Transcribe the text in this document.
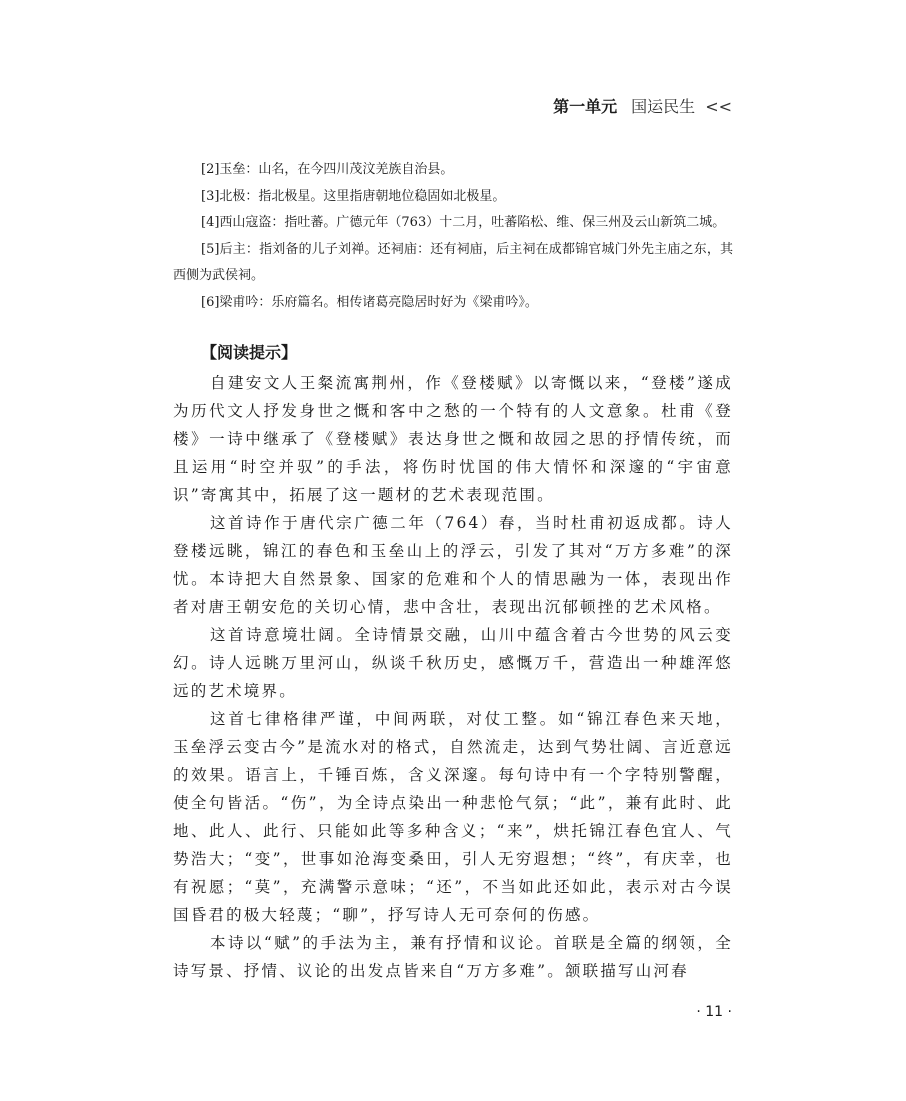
第一单元 国运民生 <<

[2]玉垒：山名，在今四川茂汶羌族自治县。

[3]北极：指北极星。这里指唐朝地位稳固如北极星。

[4]西山寇盗：指吐蕃。广德元年（763）十二月，吐蕃陷松、维、保三州及云山新筑二城。

[5]后主：指刘备的儿子刘禅。还祠庙：还有祠庙，后主祠在成都锦官城门外先主庙之东，其西侧为武侯祠。

[6]梁甫吟：乐府篇名。相传诸葛亮隐居时好为《梁甫吟》。

【阅读提示】

自建安文人王粲流寓荆州，作《登楼赋》以寄慨以来，“登楼”遂成为历代文人抒发身世之慨和客中之愁的一个特有的人文意象。杜甫《登楼》一诗中继承了《登楼赋》表达身世之慨和故园之思的抒情传统，而且运用“时空并驭”的手法，将伤时忧国的伟大情怀和深邃的“宇宙意识”寄寓其中，拓展了这一题材的艺术表现范围。

这首诗作于唐代宗广德二年（764）春，当时杜甫初返成都。诗人登楼远眺，锦江的春色和玉垒山上的浮云，引发了其对“万方多难”的深忧。本诗把大自然景象、国家的危难和个人的情思融为一体，表现出作者对唐王朝安危的关切心情，悲中含壮，表现出沉郁顿挫的艺术风格。

这首诗意境壮阔。全诗情景交融，山川中蕴含着古今世势的风云变幻。诗人远眺万里河山，纵谈千秋历史，感慨万千，营造出一种雄浑悠远的艺术境界。

这首七律格律严谨，中间两联，对仗工整。如“锦江春色来天地，玉垒浮云变古今”是流水对的格式，自然流走，达到气势壮阔、言近意远的效果。语言上，千锤百炼，含义深邃。每句诗中有一个字特别警醒，使全句皆活。“伤”，为全诗点染出一种悲怆气氛；“此”，兼有此时、此地、此人、此行、只能如此等多种含义；“来”，烘托锦江春色宜人、气势浩大；“变”，世事如沧海变桑田，引人无穷遐想；“终”，有庆幸，也有祝愿；“莫”，充满警示意味；“还”，不当如此还如此，表示对古今误国昏君的极大轻蔑；“聊”，抒写诗人无可奈何的伤感。

本诗以“赋”的手法为主，兼有抒情和议论。首联是全篇的纲领，全诗写景、抒情、议论的出发点皆来自“万方多难”。颔联描写山河春

· 11 ·
